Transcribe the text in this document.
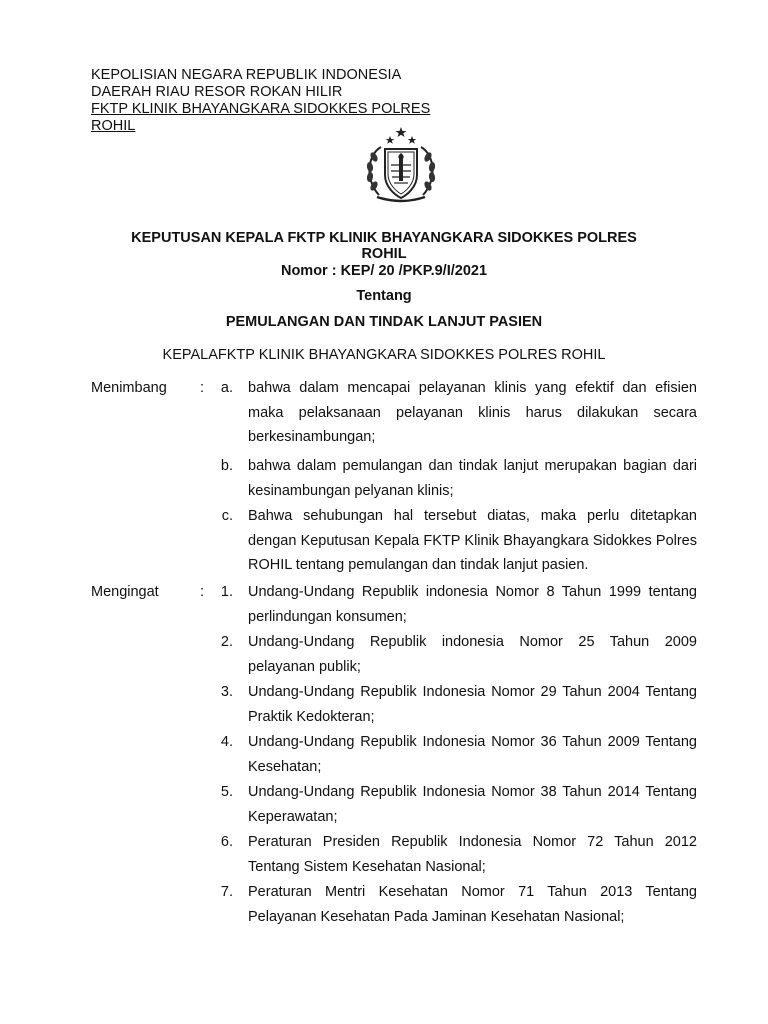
KEPOLISIAN NEGARA REPUBLIK INDONESIA
DAERAH RIAU RESOR ROKAN HILIR
FKTP KLINIK BHAYANGKARA SIDOKKES POLRES
ROHIL
KEPUTUSAN KEPALA FKTP KLINIK BHAYANGKARA SIDOKKES POLRES
ROHIL
Nomor : KEP/ 20 /PKP.9/I/2021
Tentang
PEMULANGAN DAN TINDAK LANJUT PASIEN
KEPALAFKTP KLINIK BHAYANGKARA SIDOKKES POLRES ROHIL
Menimbang :	a. bahwa dalam mencapai pelayanan klinis yang efektif dan efisien maka pelaksanaan pelayanan klinis harus dilakukan secara berkesinambungan;
b. bahwa dalam pemulangan dan tindak lanjut merupakan bagian dari kesinambungan pelyanan klinis;
c. Bahwa sehubungan hal tersebut diatas, maka perlu ditetapkan dengan Keputusan Kepala FKTP Klinik Bhayangkara Sidokkes Polres ROHIL tentang pemulangan dan tindak lanjut pasien.
Mengingat	:	1. Undang-Undang Republik indonesia Nomor 8 Tahun 1999 tentang perlindungan konsumen;
2. Undang-Undang Republik indonesia Nomor 25 Tahun 2009 pelayanan publik;
3. Undang-Undang Republik Indonesia Nomor 29 Tahun 2004 Tentang Praktik Kedokteran;
4. Undang-Undang Republik Indonesia Nomor 36 Tahun 2009 Tentang Kesehatan;
5. Undang-Undang Republik Indonesia Nomor 38 Tahun 2014 Tentang Keperawatan;
6. Peraturan Presiden Republik Indonesia Nomor 72 Tahun 2012 Tentang Sistem Kesehatan Nasional;
7. Peraturan Mentri Kesehatan Nomor 71 Tahun 2013 Tentang Pelayanan Kesehatan Pada Jaminan Kesehatan Nasional;
